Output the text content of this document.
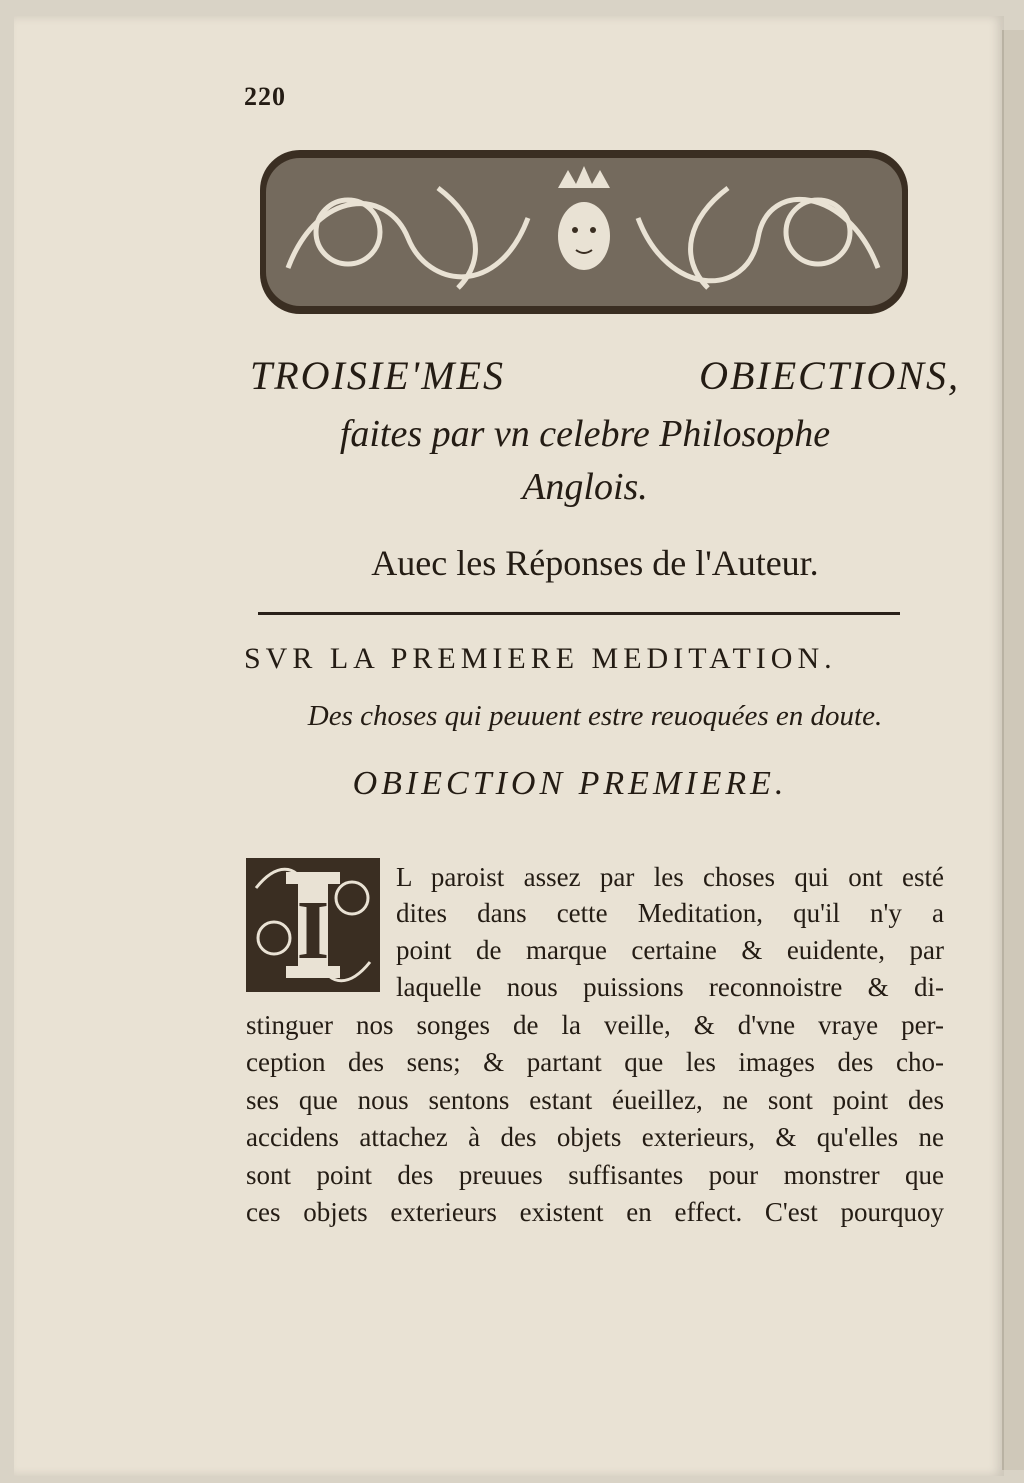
220
TROISIE'MES	OBIECTIONS,
faites par vn celebre Philosophe
Anglois.
Auec les Réponses de l'Auteur.
SVR LA PREMIERE MEDITATION.
Des choses qui peuuent estre reuoquées en doute.
OBIECTION PREMIERE.
I
L paroist assez par les choses qui ont esté
dites dans cette Meditation, qu'il n'y a
point de marque certaine & euidente, par
laquelle nous puissions reconnoistre & di-
stinguer nos songes de la veille, & d'vne vraye per-
ception des sens; & partant que les images des cho-
ses que nous sentons estant éueillez, ne sont point des
accidens attachez à des objets exterieurs, & qu'elles ne
sont point des preuues suffisantes pour monstrer que
ces objets exterieurs existent en effect. C'est pourquoy
